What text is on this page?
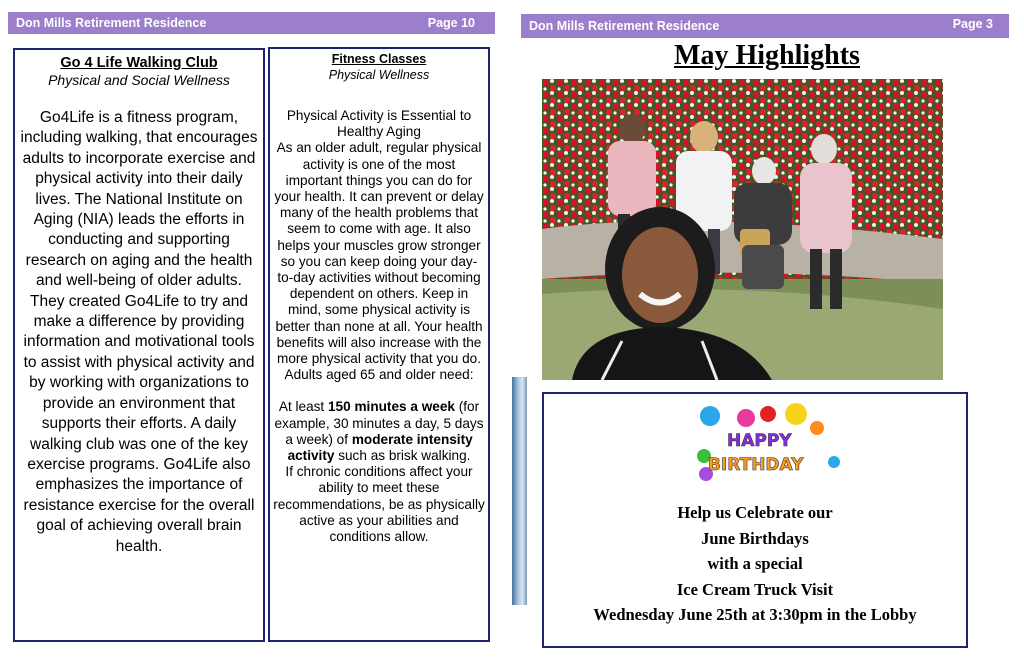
Don Mills Retirement Residence	Page 10	Don Mills Retirement Residence	Page 3
Go 4 Life Walking Club
Physical and Social Wellness
Go4Life is a fitness program, including walking, that encourages adults to incorporate exercise and physical activity into their daily lives. The National Institute on Aging (NIA) leads the efforts in conducting and supporting research on aging and the health and well-being of older adults. They created Go4Life to try and make a difference by providing information and motivational tools to assist with physical activity and by working with organizations to provide an environment that supports their efforts. A daily walking club was one of the key exercise programs. Go4Life also emphasizes the importance of resistance exercise for the overall goal of achieving overall brain health.
Fitness Classes
Physical Wellness

Physical Activity is Essential to Healthy Aging

As an older adult, regular physical activity is one of the most important things you can do for your health. It can prevent or delay many of the health problems that seem to come with age. It also helps your muscles grow stronger so you can keep doing your day-to-day activities without becoming dependent on others. Keep in mind, some physical activity is better than none at all. Your health benefits will also increase with the more physical activity that you do. Adults aged 65 and older need:

At least 150 minutes a week (for example, 30 minutes a day, 5 days a week) of moderate intensity activity such as brisk walking.

If chronic conditions affect your ability to meet these recommendations, be as physically active as your abilities and conditions allow.

May Highlights
HAPPY
BIRTHDAY
Help us Celebrate our
June Birthdays
with a special
Ice Cream Truck Visit
Wednesday June 25th at 3:30pm in the Lobby
